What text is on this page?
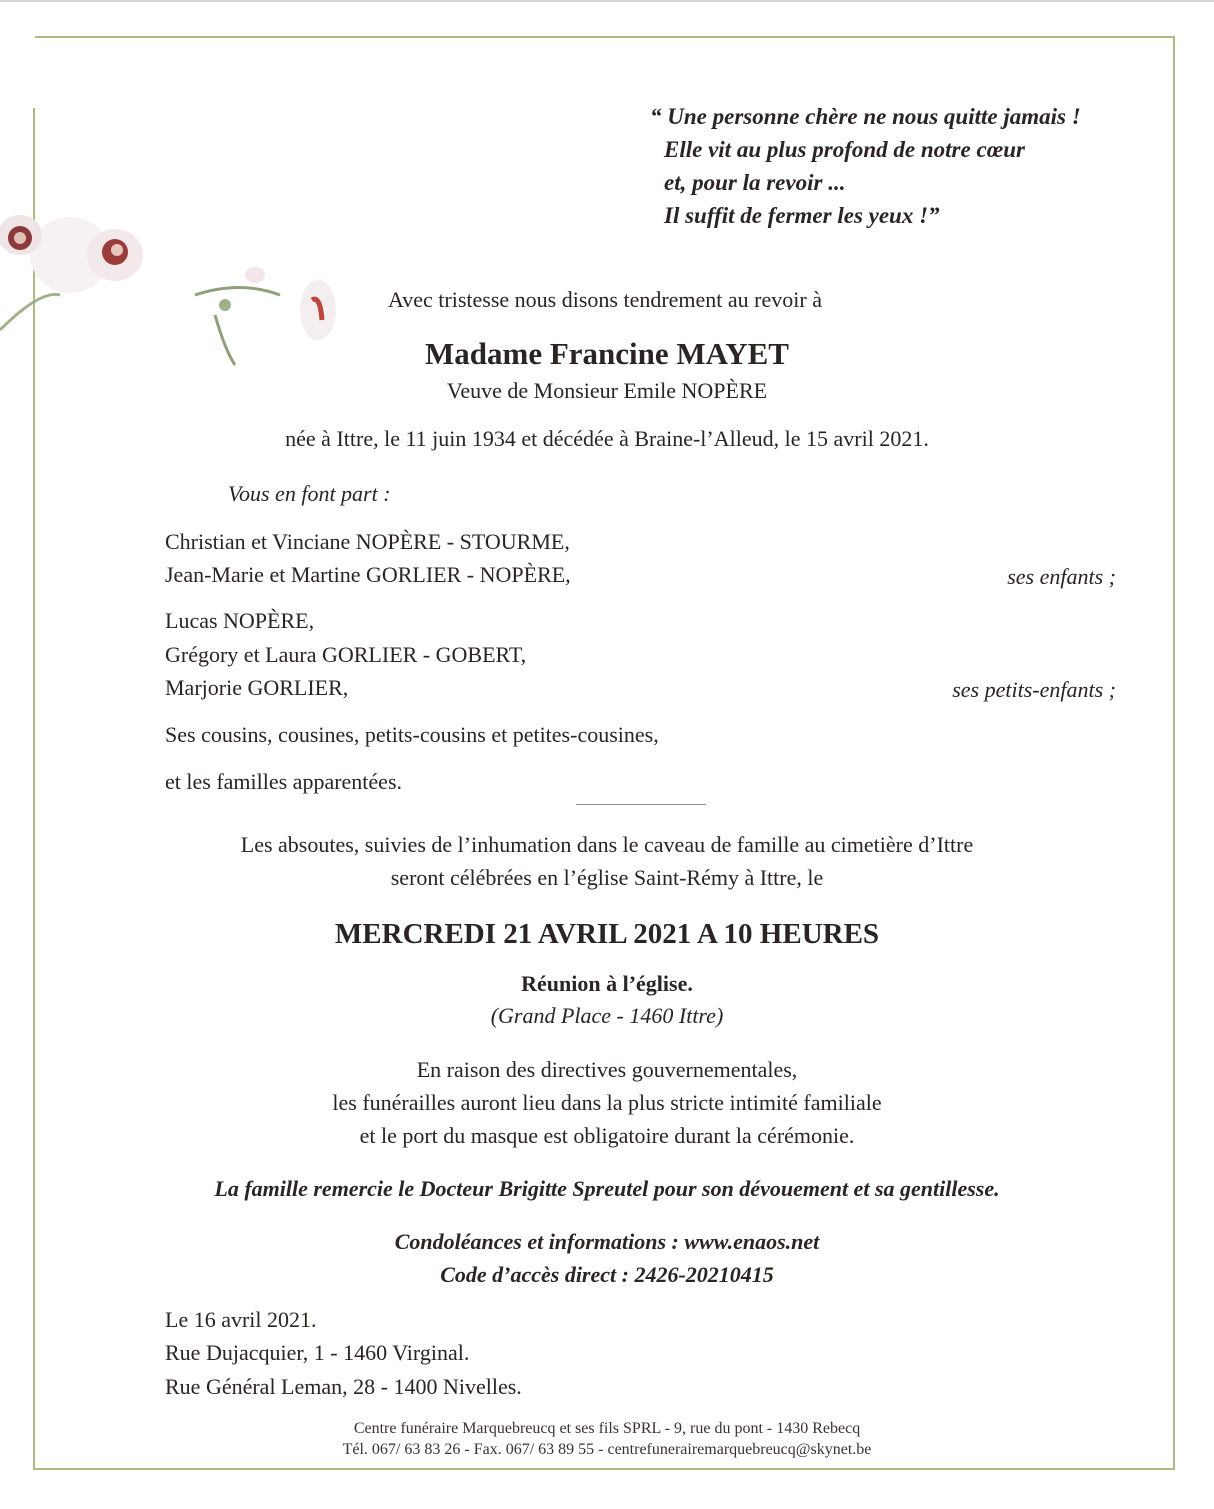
“ Une personne chère ne nous quitte jamais !
Elle vit au plus profond de notre cœur
et, pour la revoir ...
Il suffit de fermer les yeux !”
Avec tristesse nous disons tendrement au revoir à
Madame Francine MAYET
Veuve de Monsieur Emile NOPÈRE
née à Ittre, le 11 juin 1934 et décédée à Braine-l’Alleud, le 15 avril 2021.
Vous en font part :
Christian et Vinciane NOPÈRE - STOURME,
Jean-Marie et Martine GORLIER - NOPÈRE,	ses enfants ;
Lucas NOPÈRE,
Grégory et Laura GORLIER - GOBERT,
Marjorie GORLIER,	ses petits-enfants ;
Ses cousins, cousines, petits-cousins et petites-cousines,
et les familles apparentées.
Les absoutes, suivies de l’inhumation dans le caveau de famille au cimetière d’Ittre
seront célébrées en l’église Saint-Rémy à Ittre, le
MERCREDI 21 AVRIL 2021 A 10 HEURES
Réunion à l’église.
(Grand Place - 1460 Ittre)
En raison des directives gouvernementales,
les funérailles auront lieu dans la plus stricte intimité familiale
et le port du masque est obligatoire durant la cérémonie.
La famille remercie le Docteur Brigitte Spreutel pour son dévouement et sa gentillesse.
Condoléances et informations : www.enaos.net
Code d’accès direct : 2426-20210415
Le 16 avril 2021.
Rue Dujacquier, 1 - 1460 Virginal.
Rue Général Leman, 28 - 1400 Nivelles.
Centre funéraire Marquebreucq et ses fils SPRL - 9, rue du pont - 1430 Rebecq
Tél. 067/ 63 83 26 - Fax. 067/ 63 89 55 - centrefunerairemarquebreucq@skynet.be
